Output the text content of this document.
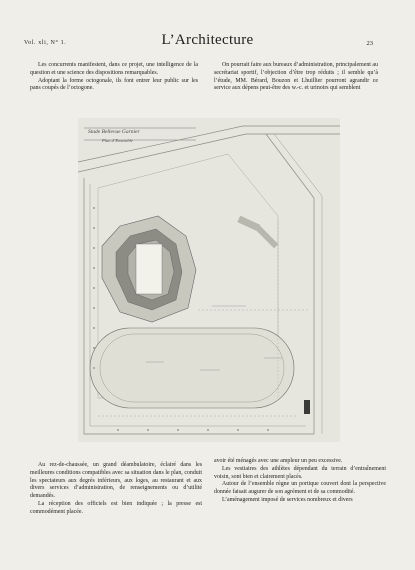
Vol. xli, N° 1.	L’Architecture	23

Les concurrents manifestent, dans ce projet, une intelligence de la question et une science des dispositions remarquables.

Adoptant la forme octogonale, ils font entrer leur public sur les pans coupés de l’octogone.

On pourrait faire aux bureaux d’administration, principalement au secrétariat sportif, l’objection d’être trop réduits ; il semble qu’à l’étude, MM. Bérard, Bouzon et Lhuillier pourront agrandir ce service aux dépens peut-être des w.-c. et urinoirs qui semblent

Stade Bellevue Garnier
Plan d’Ensemble

Au rez-de-chaussée, un grand déambulatoire, éclairé dans les meilleures conditions compatibles avec sa situation dans le plan, conduit les spectateurs aux degrés inférieurs, aux loges, au restaurant et aux divers services d’administration, de renseignements ou d’utilité demandés.

La réception des officiels est bien indiquée ; la presse est commodément placée.

avoir été ménagés avec une ampleur un peu excessive.

Les vestiaires des athlètes dépendant du terrain d’entraînement voisin, sont bien et clairement placés.

Autour de l’ensemble règne un portique couvert dont la perspective donnée faisait augurer de son agrément et de sa commodité.

L’aménagement imposé de services nombreux et divers
